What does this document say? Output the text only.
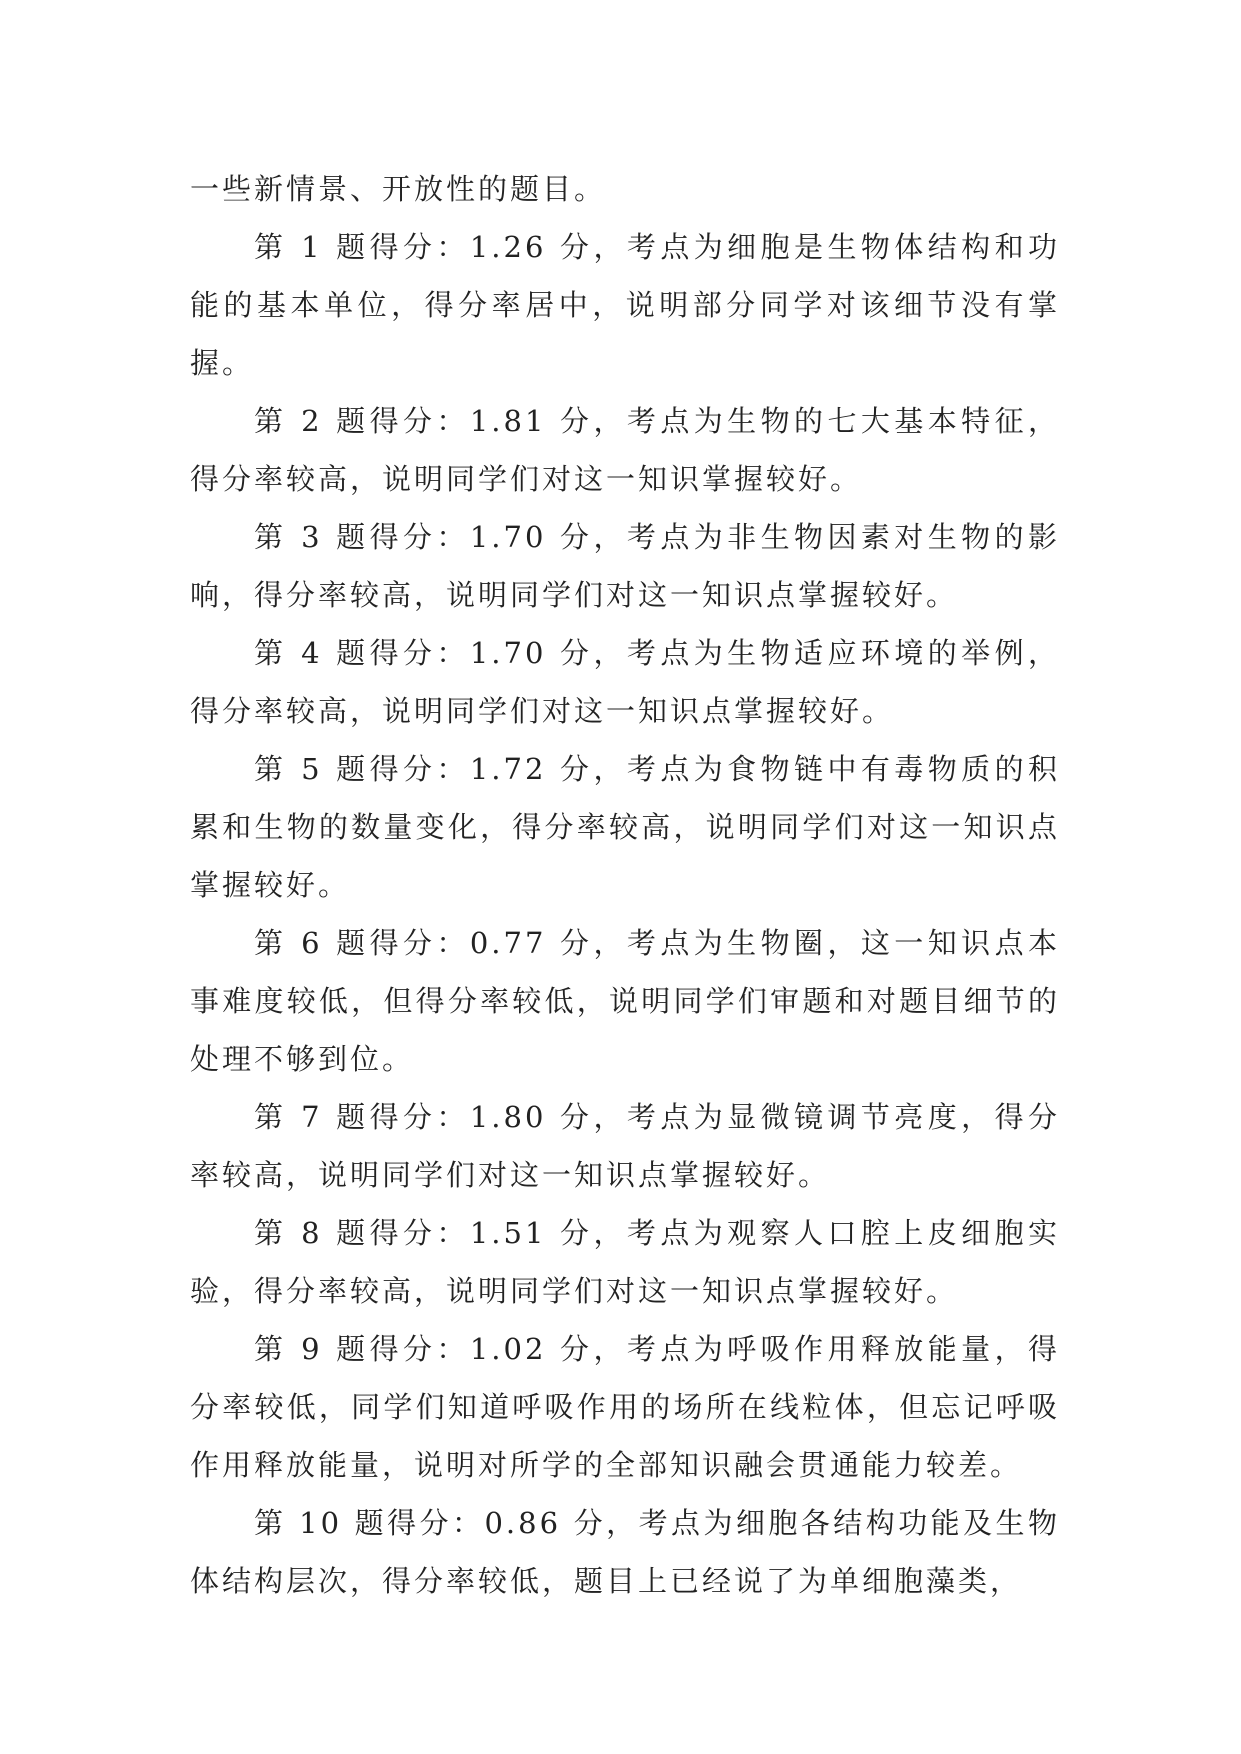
一些新情景、开放性的题目。

第 1 题得分：1.26 分，考点为细胞是生物体结构和功能的基本单位，得分率居中，说明部分同学对该细节没有掌握。

第 2 题得分：1.81 分，考点为生物的七大基本特征，得分率较高，说明同学们对这一知识掌握较好。

第 3 题得分：1.70 分，考点为非生物因素对生物的影响，得分率较高，说明同学们对这一知识点掌握较好。

第 4 题得分：1.70 分，考点为生物适应环境的举例，得分率较高，说明同学们对这一知识点掌握较好。

第 5 题得分：1.72 分，考点为食物链中有毒物质的积累和生物的数量变化，得分率较高，说明同学们对这一知识点掌握较好。

第 6 题得分：0.77 分，考点为生物圈，这一知识点本事难度较低，但得分率较低，说明同学们审题和对题目细节的处理不够到位。

第 7 题得分：1.80 分，考点为显微镜调节亮度，得分率较高，说明同学们对这一知识点掌握较好。

第 8 题得分：1.51 分，考点为观察人口腔上皮细胞实验，得分率较高，说明同学们对这一知识点掌握较好。

第 9 题得分：1.02 分，考点为呼吸作用释放能量，得分率较低，同学们知道呼吸作用的场所在线粒体，但忘记呼吸作用释放能量，说明对所学的全部知识融会贯通能力较差。

第 10 题得分：0.86 分，考点为细胞各结构功能及生物体结构层次，得分率较低，题目上已经说了为单细胞藻类，
